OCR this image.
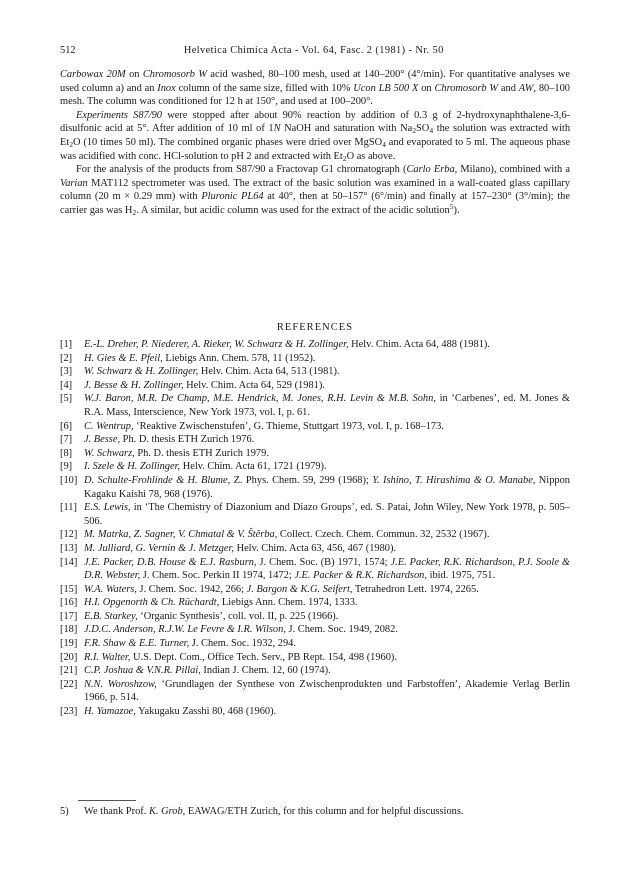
512	Helvetica Chimica Acta - Vol. 64, Fasc. 2 (1981) - Nr. 50

Carbowax 20M on Chromosorb W acid washed, 80–100 mesh, used at 140–200° (4°/min). For quantitative analyses we used column a) and an Inox column of the same size, filled with 10% Ucon LB 500 X on Chromosorb W and AW, 80–100 mesh. The column was conditioned for 12 h at 150°, and used at 100–200°.

Experiments S87/90 were stopped after about 90% reaction by addition of 0.3 g of 2-hydroxynaphthalene-3,6-disulfonic acid at 5°. After addition of 10 ml of 1N NaOH and saturation with $Na_2SO_4$ the solution was extracted with $Et_2O$ (10 times 50 ml). The combined organic phases were dried over MgSO$_4$ and evaporated to 5 ml. The aqueous phase was acidified with conc. HCl-solution to pH 2 and extracted with $Et_2O$ as above.

For the analysis of the products from S87/90 a Fractovap G1 chromatograph (Carlo Erba, Milano), combined with a Varian MAT112 spectrometer was used. The extract of the basic solution was examined in a wall-coated glass capillary column (20 m × 0.29 mm) with Pluronic PL64 at 40°, then at 50–157° (6°/min) and finally at 157–230° (3°/min); the carrier gas was $H_2$. A similar, but acidic column was used for the extract of the acidic solution$^5$).

REFERENCES
[1]	E.-L. Dreher, P. Niederer, A. Rieker, W. Schwarz & H. Zollinger, Helv. Chim. Acta 64, 488 (1981).
[2]	H. Gies & E. Pfeil, Liebigs Ann. Chem. 578, 11 (1952).
[3]	W. Schwarz & H. Zollinger, Helv. Chim. Acta 64, 513 (1981).
[4]	J. Besse & H. Zollinger, Helv. Chim. Acta 64, 529 (1981).
[5]	W.J. Baron, M.R. De Champ, M.E. Hendrick, M. Jones, R.H. Levin & M.B. Sohn, in ‘Carbenes’, ed. M. Jones & R.A. Mass, Interscience, New York 1973, vol. I, p. 61.
[6]	C. Wentrup, ‘Reaktive Zwischenstufen’, G. Thieme, Stuttgart 1973, vol. I, p. 168–173.
[7]	J. Besse, Ph. D. thesis ETH Zurich 1976.
[8]	W. Schwarz, Ph. D. thesis ETH Zurich 1979.
[9]	I. Szele & H. Zollinger, Helv. Chim. Acta 61, 1721 (1979).
[10] D. Schulte-Frohlinde & H. Blume, Z. Phys. Chem. 59, 299 (1968); Y. Ishino, T. Hirashima & O. Manabe, Nippon Kagaku Kaishi 78, 968 (1976).
[11] E.S. Lewis, in ‘The Chemistry of Diazonium and Diazo Groups’, ed. S. Patai, John Wiley, New York 1978, p. 505–506.
[12] M. Matrka, Z. Sagner, V. Chmatal & V. Štěrba, Collect. Czech. Chem. Commun. 32, 2532 (1967).
[13] M. Julliard, G. Vernin & J. Metzger, Helv. Chim. Acta 63, 456, 467 (1980).
[14] J.E. Packer, D.B. House & E.J. Rasburn, J. Chem. Soc. (B) 1971, 1574; J.E. Packer, R.K. Richardson, P.J. Soole & D.R. Webster, J. Chem. Soc. Perkin II 1974, 1472; J.E. Packer & R.K. Richardson, ibid. 1975, 751.
[15] W.A. Waters, J. Chem. Soc. 1942, 266; J. Bargon & K.G. Seifert, Tetrahedron Lett. 1974, 2265.
[16] H.I. Opgenorth & Ch. Rüchardt, Liebigs Ann. Chem. 1974, 1333.
[17] E.B. Starkey, ‘Organic Synthesis’, coll. vol. II, p. 225 (1966).
[18] J.D.C. Anderson, R.J.W. Le Fevre & I.R. Wilson, J. Chem. Soc. 1949, 2082.
[19] F.R. Shaw & E.E. Turner, J. Chem. Soc. 1932, 294.
[20] R.I. Walter, U.S. Dept. Com., Office Tech. Serv., PB Rept. 154, 498 (1960).
[21] C.P. Joshua & V.N.R. Pillai, Indian J. Chem. 12, 60 (1974).
[22] N.N. Woroshzow, ‘Grundlagen der Synthese von Zwischenprodukten und Farbstoffen’, Akademie Verlag Berlin 1966, p. 514.
[23] H. Yamazoe, Yakugaku Zasshi 80, 468 (1960).
5)	We thank Prof. K. Grob, EAWAG/ETH Zurich, for this column and for helpful discussions.
